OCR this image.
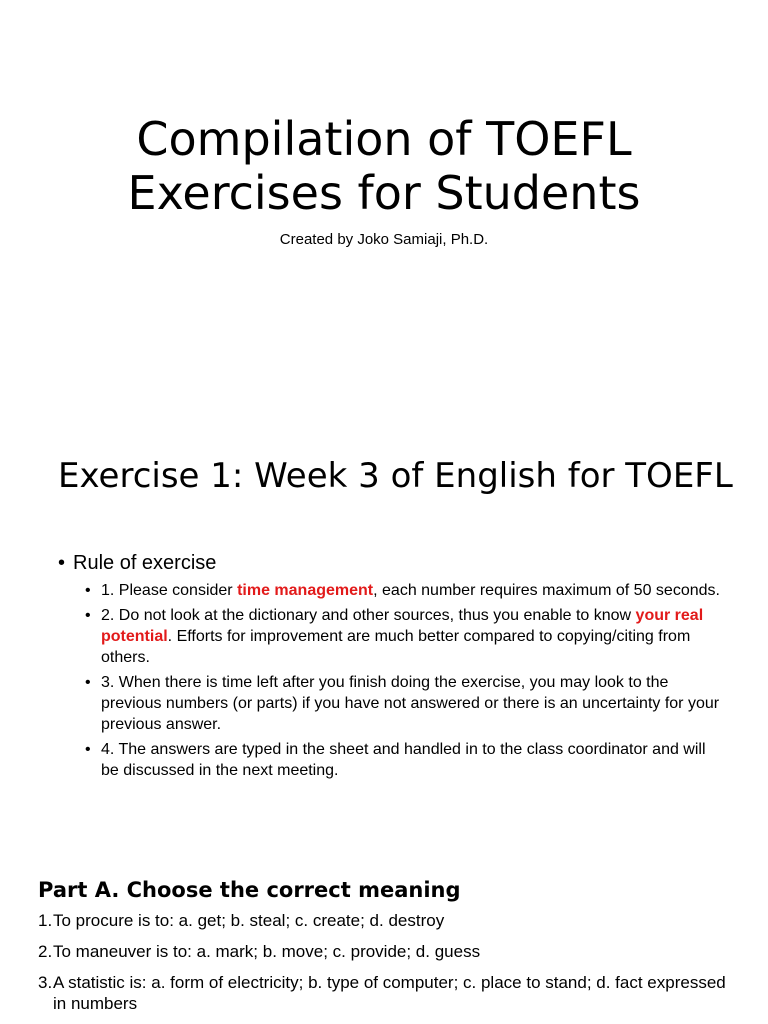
Compilation of TOEFL
Exercises for Students
Created by Joko Samiaji, Ph.D.
Exercise 1: Week 3 of English for TOEFL
• Rule of exercise
• 1. Please consider time management, each number requires maximum of 50 seconds.
• 2. Do not look at the dictionary and other sources, thus you enable to know your real potential. Efforts for improvement are much better compared to copying/citing from others.
• 3. When there is time left after you finish doing the exercise, you may look to the previous numbers (or parts) if you have not answered or there is an uncertainty for your previous answer.
• 4. The answers are typed in the sheet and handled in to the class coordinator and will be discussed in the next meeting.
Part A. Choose the correct meaning
1. To procure is to: a. get; b. steal; c. create; d. destroy
2. To maneuver is to: a. mark; b. move; c. provide; d. guess
3. A statistic is: a. form of electricity; b. type of computer; c. place to stand; d. fact expressed in numbers
